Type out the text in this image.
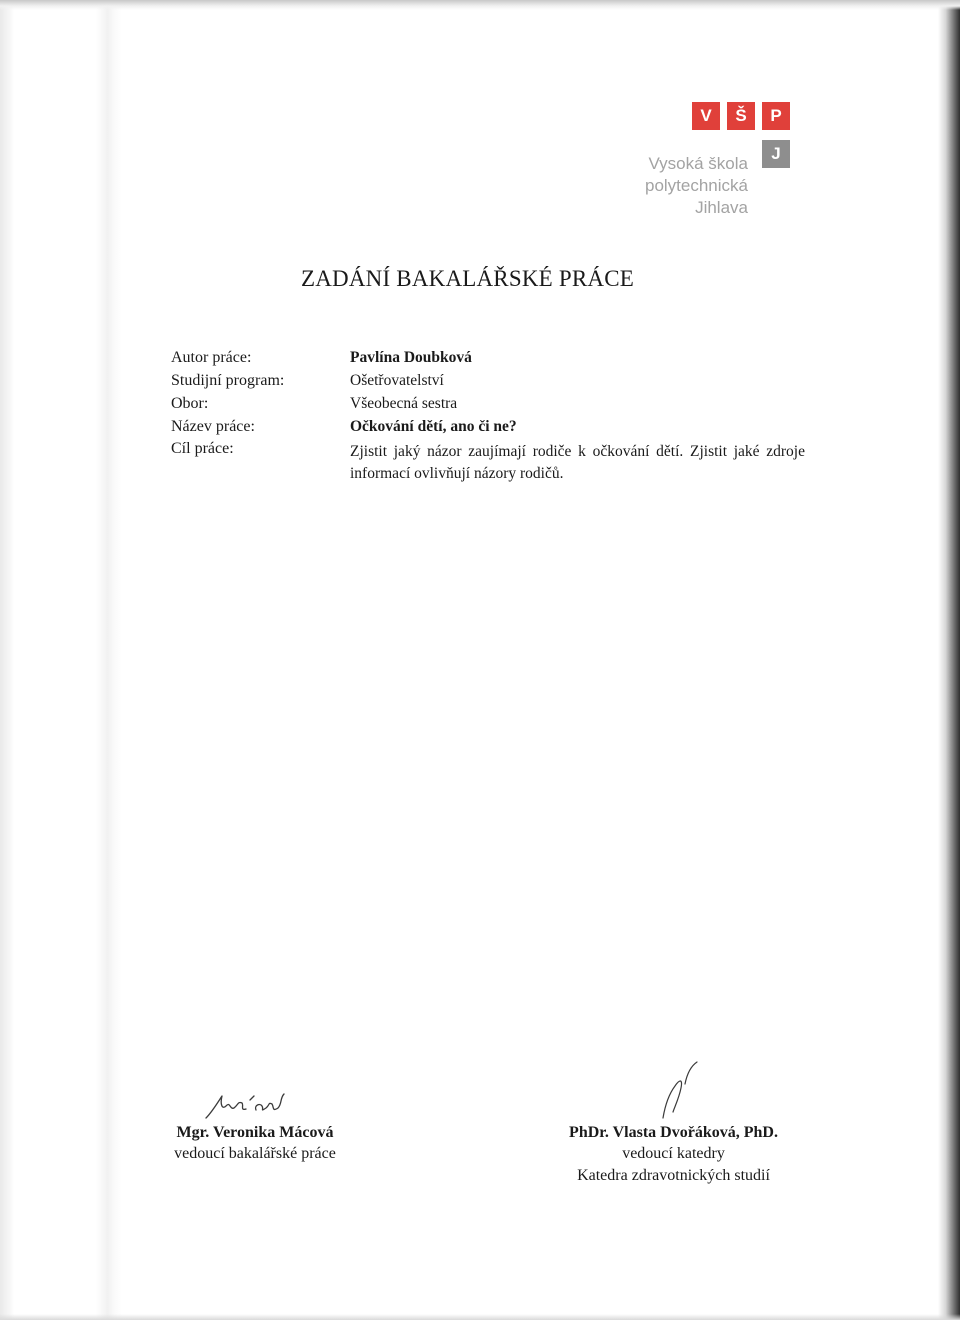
V	Š	P
J
Vysoká škola
polytechnická
Jihlava
ZADÁNÍ BAKALÁŘSKÉ PRÁCE
Autor práce:	Pavlína Doubková
Studijní program:	Ošetřovatelství
Obor:	Všeobecná sestra
Název práce:	Očkování dětí, ano či ne?
Cíl práce:	Zjistit jaký názor zaujímají rodiče k očkování dětí. Zjistit jaké zdroje informací ovlivňují názory rodičů.
Mgr. Veronika Mácová
vedoucí bakalářské práce
PhDr. Vlasta Dvořáková, PhD.
vedoucí katedry
Katedra zdravotnických studií
